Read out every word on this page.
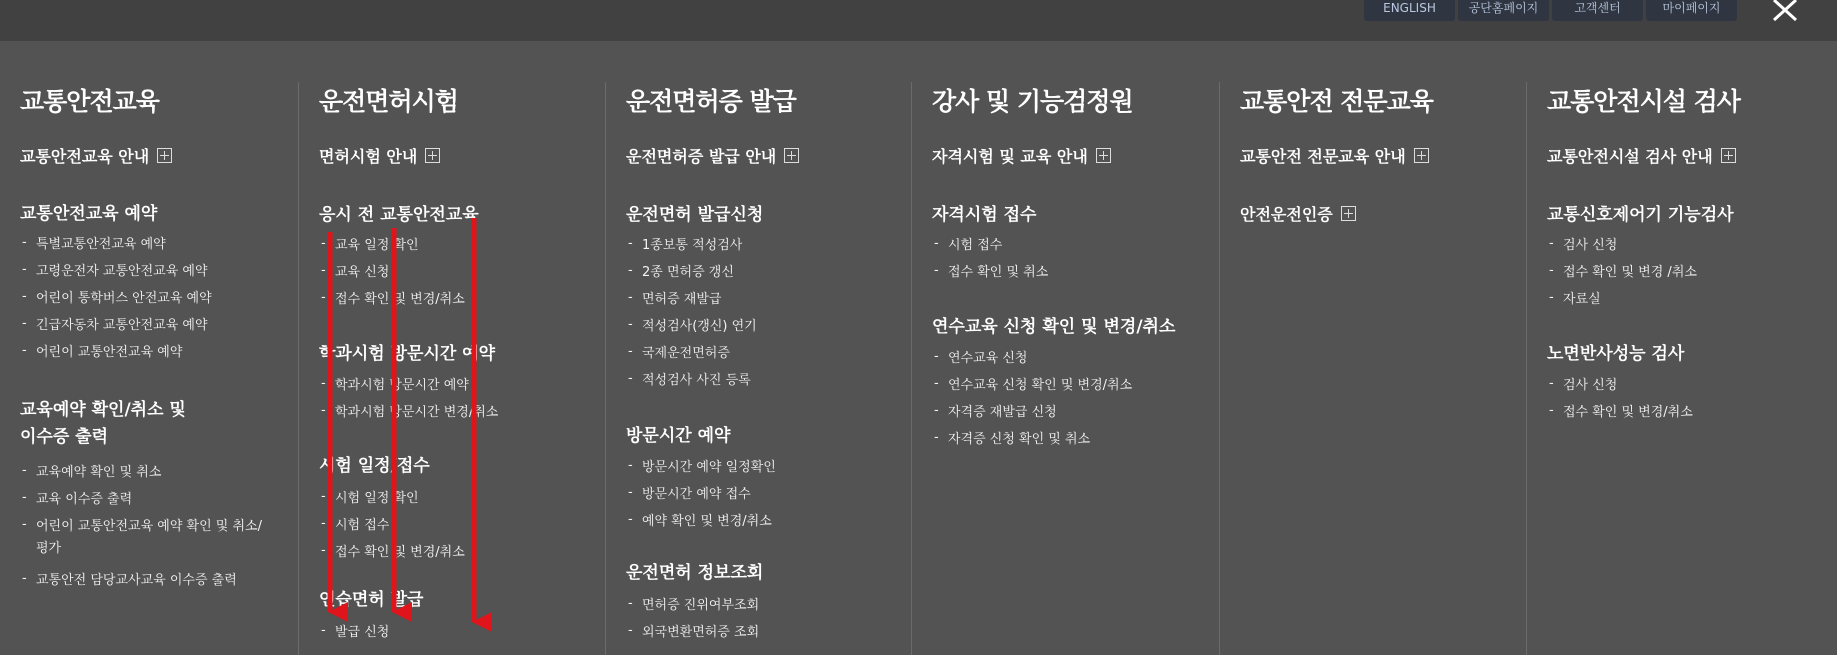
ENGLISH	공단홈페이지	고객센터	마이페이지
교통안전교육
교통안전교육 안내
교통안전교육 예약
- 특별교통안전교육 예약
- 고령운전자 교통안전교육 예약
- 어린이 통학버스 안전교육 예약
- 긴급자동차 교통안전교육 예약
- 어린이 교통안전교육 예약
교육예약 확인/취소 및
이수증 출력
- 교육예약 확인 및 취소
- 교육 이수증 출력
- 어린이 교통안전교육 예약 확인 및 취소/
평가
- 교통안전 담당교사교육 이수증 출력
운전면허시험
면허시험 안내
응시 전 교통안전교육
- 교육 일정 확인
- 교육 신청
- 접수 확인 및 변경/취소
학과시험 방문시간 예약
- 학과시험 방문시간 예약
- 학과시험 방문시간 변경/취소
시험 일정/접수
- 시험 일정 확인
- 시험 접수
- 접수 확인 및 변경/취소
연습면허 발급
- 발급 신청
운전면허증 발급
운전면허증 발급 안내
운전면허 발급신청
- 1종보통 적성검사
- 2종 면허증 갱신
- 면허증 재발급
- 적성검사(갱신) 연기
- 국제운전면허증
- 적성검사 사진 등록
방문시간 예약
- 방문시간 예약 일정확인
- 방문시간 예약 접수
- 예약 확인 및 변경/취소
운전면허 정보조회
- 면허증 진위여부조회
- 외국변환면허증 조회
강사 및 기능검정원
자격시험 및 교육 안내
자격시험 접수
- 시험 접수
- 접수 확인 및 취소
연수교육 신청 확인 및 변경/취소
- 연수교육 신청
- 연수교육 신청 확인 및 변경/취소
- 자격증 재발급 신청
- 자격증 신청 확인 및 취소
교통안전 전문교육
교통안전 전문교육 안내
안전운전인증
교통안전시설 검사
교통안전시설 검사 안내
교통신호제어기 기능검사
- 검사 신청
- 접수 확인 및 변경 /취소
- 자료실
노면반사성능 검사
- 검사 신청
- 접수 확인 및 변경/취소
